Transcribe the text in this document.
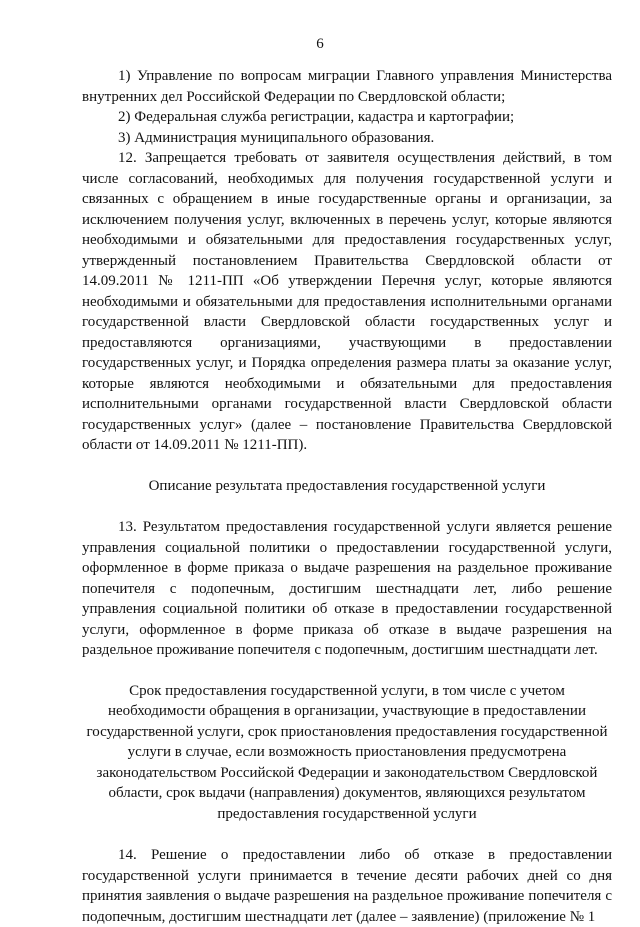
6

1) Управление по вопросам миграции Главного управления Министерства внутренних дел Российской Федерации по Свердловской области;

2) Федеральная служба регистрации, кадастра и картографии;

3) Администрация муниципального образования.

12. Запрещается требовать от заявителя осуществления действий, в том числе согласований, необходимых для получения государственной услуги и связанных с обращением в иные государственные органы и организации, за исключением получения услуг, включенных в перечень услуг, которые являются необходимыми и обязательными для предоставления государственных услуг, утвержденный постановлением Правительства Свердловской области от 14.09.2011 № 1211-ПП «Об утверждении Перечня услуг, которые являются необходимыми и обязательными для предоставления исполнительными органами государственной власти Свердловской области государственных услуг и предоставляются организациями, участвующими в предоставлении государственных услуг, и Порядка определения размера платы за оказание услуг, которые являются необходимыми и обязательными для предоставления исполнительными органами государственной власти Свердловской области государственных услуг» (далее – постановление Правительства Свердловской области от 14.09.2011 № 1211-ПП).

Описание результата предоставления государственной услуги

13. Результатом предоставления государственной услуги является решение управления социальной политики о предоставлении государственной услуги, оформленное в форме приказа о выдаче разрешения на раздельное проживание попечителя с подопечным, достигшим шестнадцати лет, либо решение управления социальной политики об отказе в предоставлении государственной услуги, оформленное в форме приказа об отказе в выдаче разрешения на раздельное проживание попечителя с подопечным, достигшим шестнадцати лет.

Срок предоставления государственной услуги, в том числе с учетом необходимости обращения в организации, участвующие в предоставлении государственной услуги, срок приостановления предоставления государственной услуги в случае, если возможность приостановления предусмотрена законодательством Российской Федерации и законодательством Свердловской области, срок выдачи (направления) документов, являющихся результатом предоставления государственной услуги

14. Решение о предоставлении либо об отказе в предоставлении государственной услуги принимается в течение десяти рабочих дней со дня принятия заявления о выдаче разрешения на раздельное проживание попечителя с подопечным, достигшим шестнадцати лет (далее – заявление) (приложение № 1
